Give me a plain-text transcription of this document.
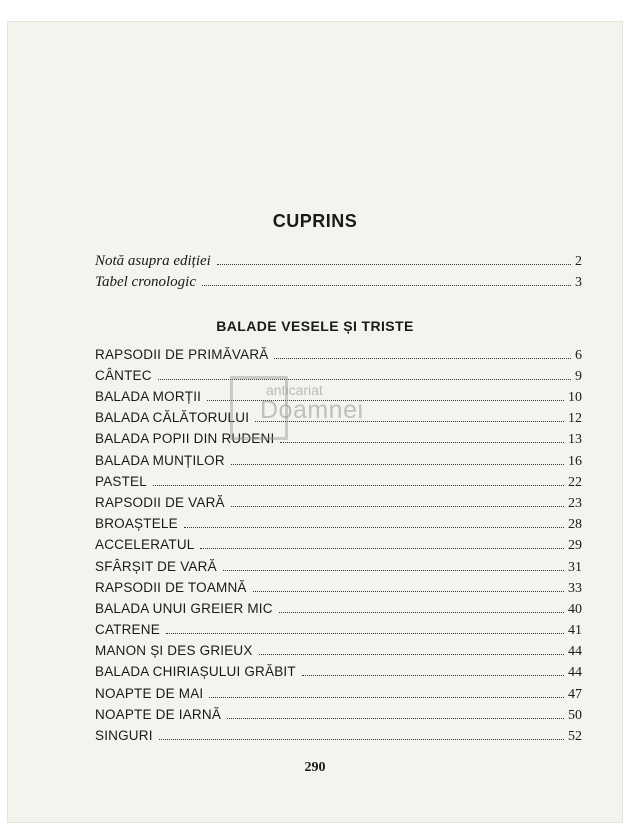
CUPRINS
Notă asupra ediției	2
Tabel cronologic	3
BALADE VESELE ȘI TRISTE
RAPSODII DE PRIMĂVARĂ	6
CÂNTEC	9
BALADA MORȚII	10
BALADA CĂLĂTORULUI	12
BALADA POPII DIN RUDENI	13
BALADA MUNȚILOR	16
PASTEL	22
RAPSODII DE VARĂ	23
BROAȘTELE	28
ACCELERATUL	29
SFÂRȘIT DE VARĂ	31
RAPSODII DE TOAMNĂ	33
BALADA UNUI GREIER MIC	40
CATRENE	41
MANON ȘI DES GRIEUX	44
BALADA CHIRIAȘULUI GRĂBIT	44
NOAPTE DE MAI	47
NOAPTE DE IARNĂ	50
SINGURI	52
290
anticariat
Doamnei
